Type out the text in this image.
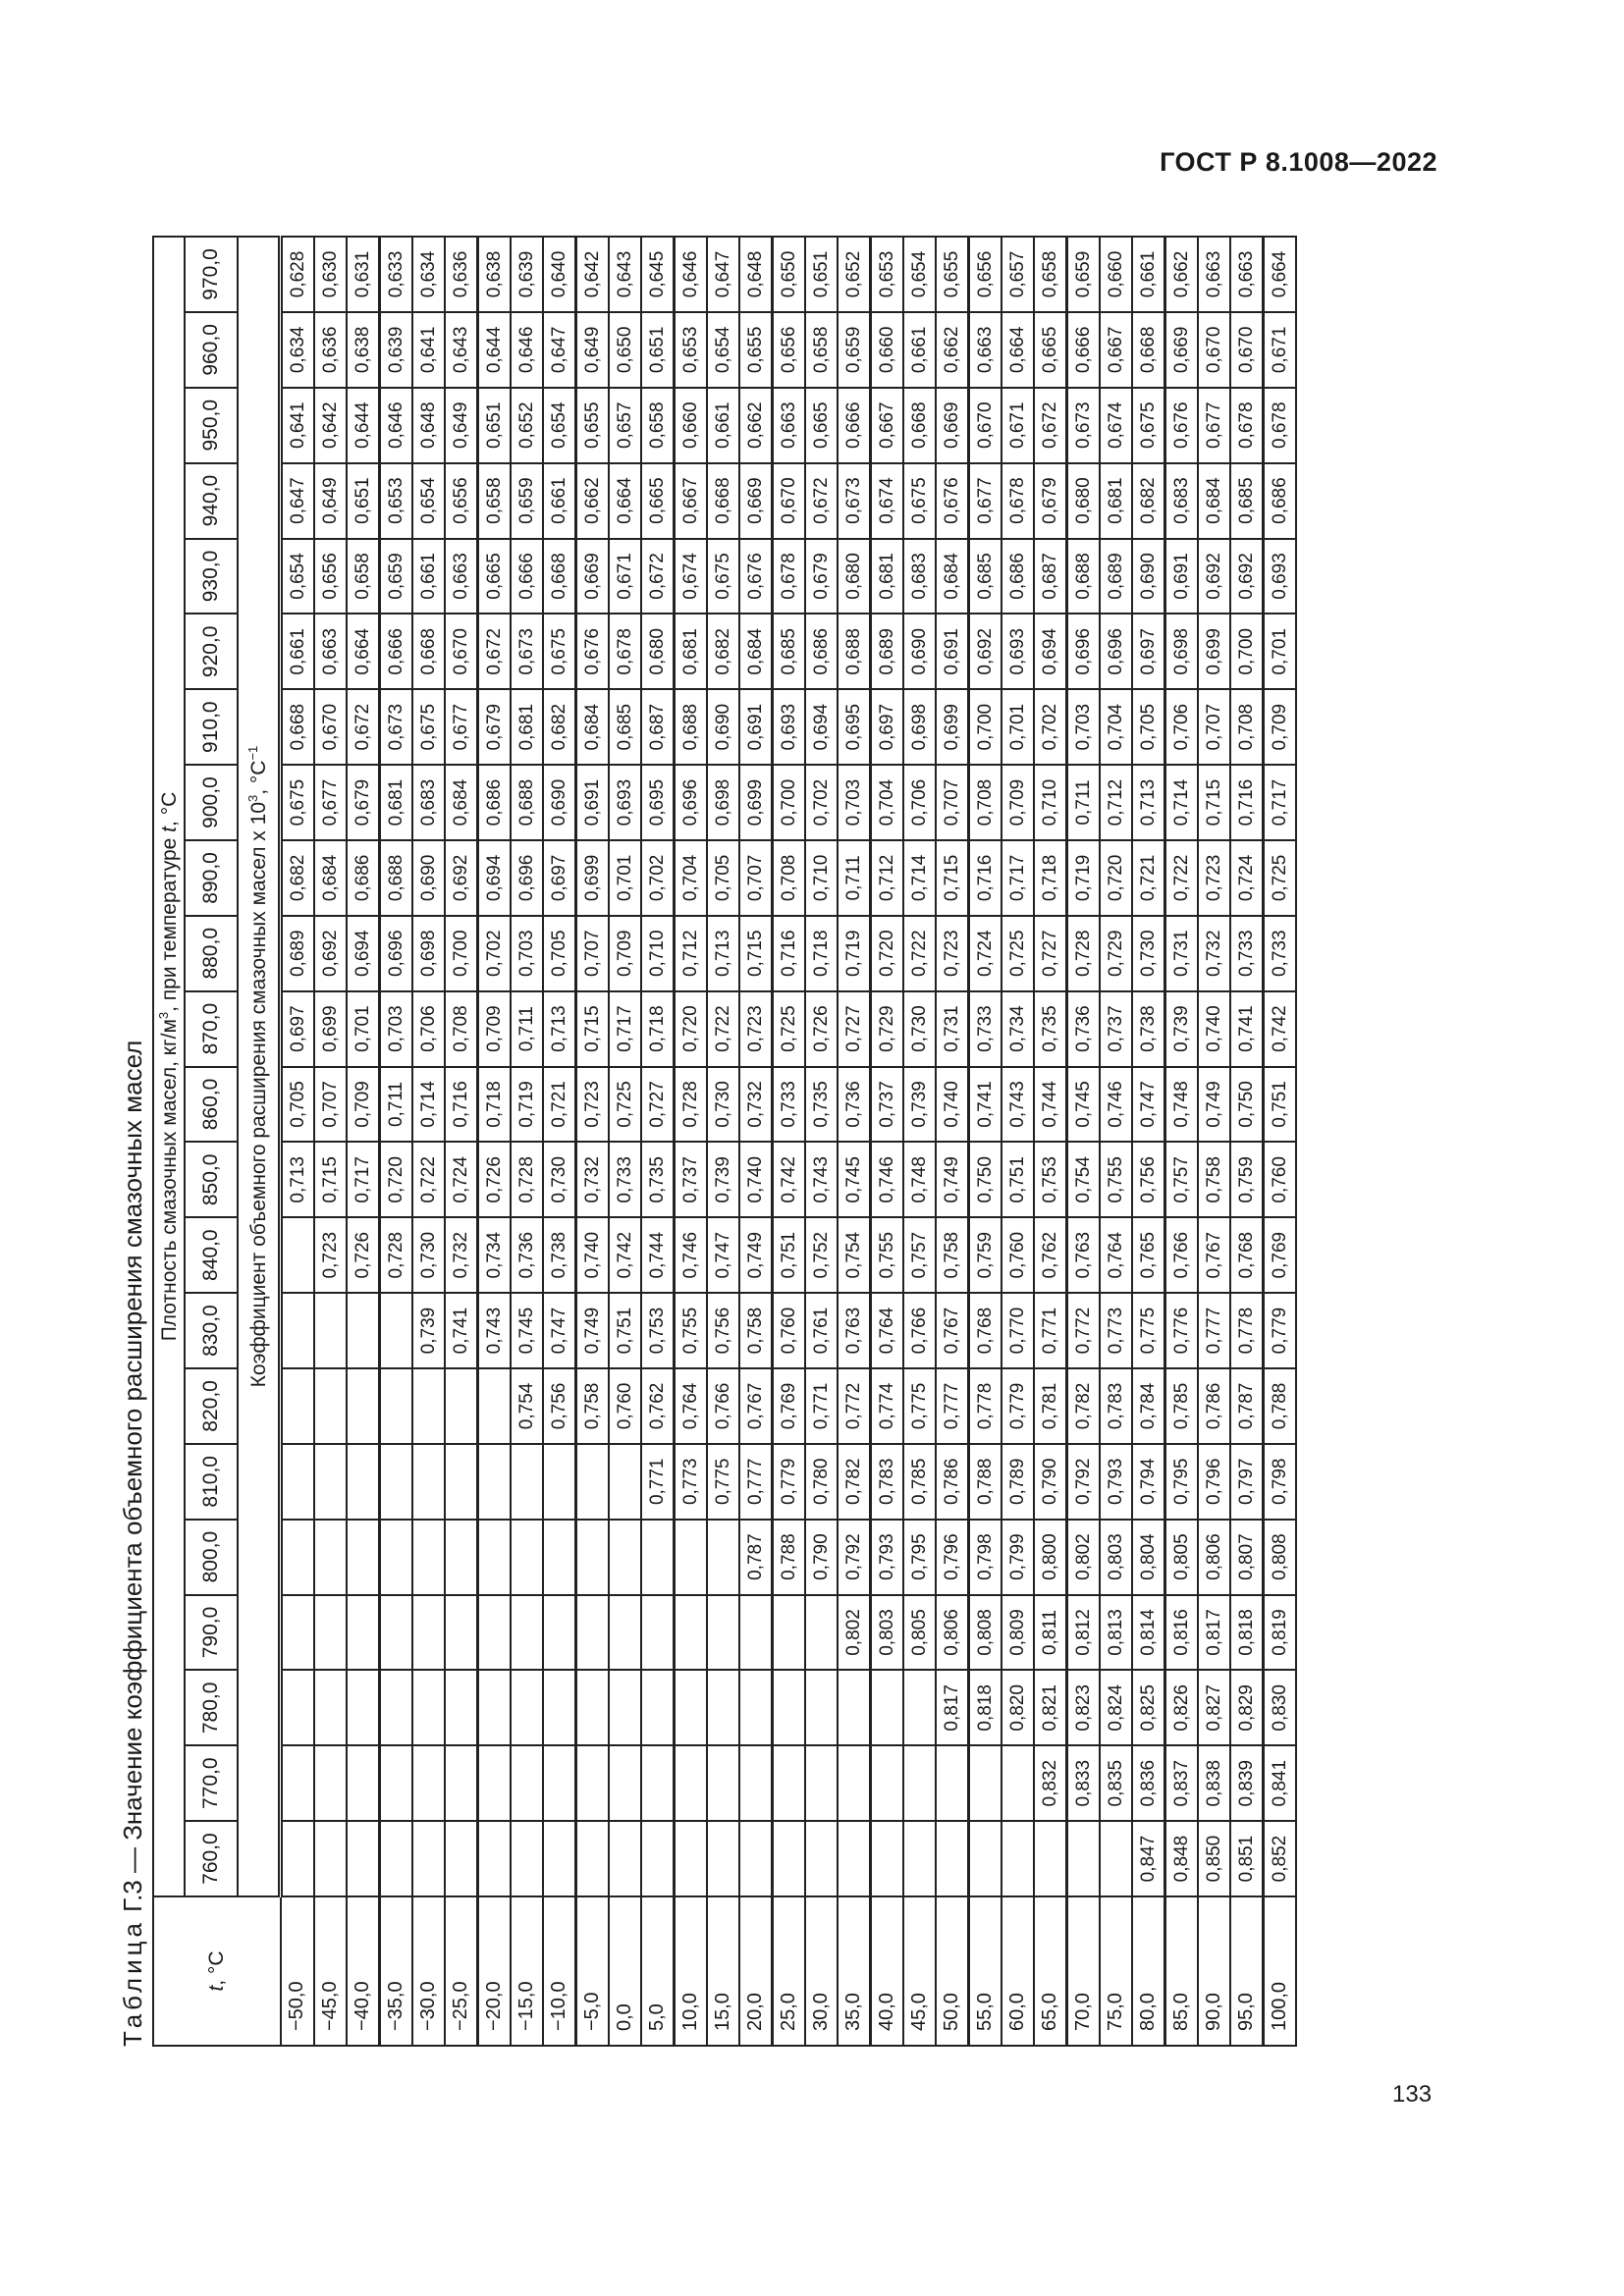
ГОСТ Р 8.1008—2022
Таблица Г.3 — Значение коэффициента объемного расширения смазочных масел
t, °С	Плотность смазочных масел, $кг/м^3$, при температуре t, °С																					
	760,0	770,0	780,0	790,0	800,0	810,0	820,0	830,0	840,0	850,0	860,0	870,0	880,0	890,0	900,0	910,0	920,0	930,0	940,0	950,0	960,0	970,0
	Коэффициент объемного расширения смазочных масел х $10^3$, $^\circ С^{-1}$
−50,0										0,713	0,705	0,697	0,689	0,682	0,675	0,668	0,661	0,654	0,647	0,641	0,634	0,628
−45,0									0,723	0,715	0,707	0,699	0,692	0,684	0,677	0,670	0,663	0,656	0,649	0,642	0,636	0,630
−40,0									0,726	0,717	0,709	0,701	0,694	0,686	0,679	0,672	0,664	0,658	0,651	0,644	0,638	0,631
−35,0									0,728	0,720	0,711	0,703	0,696	0,688	0,681	0,673	0,666	0,659	0,653	0,646	0,639	0,633
−30,0								0,739	0,730	0,722	0,714	0,706	0,698	0,690	0,683	0,675	0,668	0,661	0,654	0,648	0,641	0,634
−25,0								0,741	0,732	0,724	0,716	0,708	0,700	0,692	0,684	0,677	0,670	0,663	0,656	0,649	0,643	0,636
−20,0								0,743	0,734	0,726	0,718	0,709	0,702	0,694	0,686	0,679	0,672	0,665	0,658	0,651	0,644	0,638
−15,0							0,754	0,745	0,736	0,728	0,719	0,711	0,703	0,696	0,688	0,681	0,673	0,666	0,659	0,652	0,646	0,639
−10,0							0,756	0,747	0,738	0,730	0,721	0,713	0,705	0,697	0,690	0,682	0,675	0,668	0,661	0,654	0,647	0,640
−5,0							0,758	0,749	0,740	0,732	0,723	0,715	0,707	0,699	0,691	0,684	0,676	0,669	0,662	0,655	0,649	0,642
0,0							0,760	0,751	0,742	0,733	0,725	0,717	0,709	0,701	0,693	0,685	0,678	0,671	0,664	0,657	0,650	0,643
5,0						0,771	0,762	0,753	0,744	0,735	0,727	0,718	0,710	0,702	0,695	0,687	0,680	0,672	0,665	0,658	0,651	0,645
10,0						0,773	0,764	0,755	0,746	0,737	0,728	0,720	0,712	0,704	0,696	0,688	0,681	0,674	0,667	0,660	0,653	0,646
15,0						0,775	0,766	0,756	0,747	0,739	0,730	0,722	0,713	0,705	0,698	0,690	0,682	0,675	0,668	0,661	0,654	0,647
20,0					0,787	0,777	0,767	0,758	0,749	0,740	0,732	0,723	0,715	0,707	0,699	0,691	0,684	0,676	0,669	0,662	0,655	0,648
25,0					0,788	0,779	0,769	0,760	0,751	0,742	0,733	0,725	0,716	0,708	0,700	0,693	0,685	0,678	0,670	0,663	0,656	0,650
30,0					0,790	0,780	0,771	0,761	0,752	0,743	0,735	0,726	0,718	0,710	0,702	0,694	0,686	0,679	0,672	0,665	0,658	0,651
35,0				0,802	0,792	0,782	0,772	0,763	0,754	0,745	0,736	0,727	0,719	0,711	0,703	0,695	0,688	0,680	0,673	0,666	0,659	0,652
40,0				0,803	0,793	0,783	0,774	0,764	0,755	0,746	0,737	0,729	0,720	0,712	0,704	0,697	0,689	0,681	0,674	0,667	0,660	0,653
45,0				0,805	0,795	0,785	0,775	0,766	0,757	0,748	0,739	0,730	0,722	0,714	0,706	0,698	0,690	0,683	0,675	0,668	0,661	0,654
50,0			0,817	0,806	0,796	0,786	0,777	0,767	0,758	0,749	0,740	0,731	0,723	0,715	0,707	0,699	0,691	0,684	0,676	0,669	0,662	0,655
55,0			0,818	0,808	0,798	0,788	0,778	0,768	0,759	0,750	0,741	0,733	0,724	0,716	0,708	0,700	0,692	0,685	0,677	0,670	0,663	0,656
60,0			0,820	0,809	0,799	0,789	0,779	0,770	0,760	0,751	0,743	0,734	0,725	0,717	0,709	0,701	0,693	0,686	0,678	0,671	0,664	0,657
65,0		0,832	0,821	0,811	0,800	0,790	0,781	0,771	0,762	0,753	0,744	0,735	0,727	0,718	0,710	0,702	0,694	0,687	0,679	0,672	0,665	0,658
70,0		0,833	0,823	0,812	0,802	0,792	0,782	0,772	0,763	0,754	0,745	0,736	0,728	0,719	0,711	0,703	0,696	0,688	0,680	0,673	0,666	0,659
75,0		0,835	0,824	0,813	0,803	0,793	0,783	0,773	0,764	0,755	0,746	0,737	0,729	0,720	0,712	0,704	0,696	0,689	0,681	0,674	0,667	0,660
80,0	0,847	0,836	0,825	0,814	0,804	0,794	0,784	0,775	0,765	0,756	0,747	0,738	0,730	0,721	0,713	0,705	0,697	0,690	0,682	0,675	0,668	0,661
85,0	0,848	0,837	0,826	0,816	0,805	0,795	0,785	0,776	0,766	0,757	0,748	0,739	0,731	0,722	0,714	0,706	0,698	0,691	0,683	0,676	0,669	0,662
90,0	0,850	0,838	0,827	0,817	0,806	0,796	0,786	0,777	0,767	0,758	0,749	0,740	0,732	0,723	0,715	0,707	0,699	0,692	0,684	0,677	0,670	0,663
95,0	0,851	0,839	0,829	0,818	0,807	0,797	0,787	0,778	0,768	0,759	0,750	0,741	0,733	0,724	0,716	0,708	0,700	0,692	0,685	0,678	0,670	0,663
100,0	0,852	0,841	0,830	0,819	0,808	0,798	0,788	0,779	0,769	0,760	0,751	0,742	0,733	0,725	0,717	0,709	0,701	0,693	0,686	0,678	0,671	0,664
133
